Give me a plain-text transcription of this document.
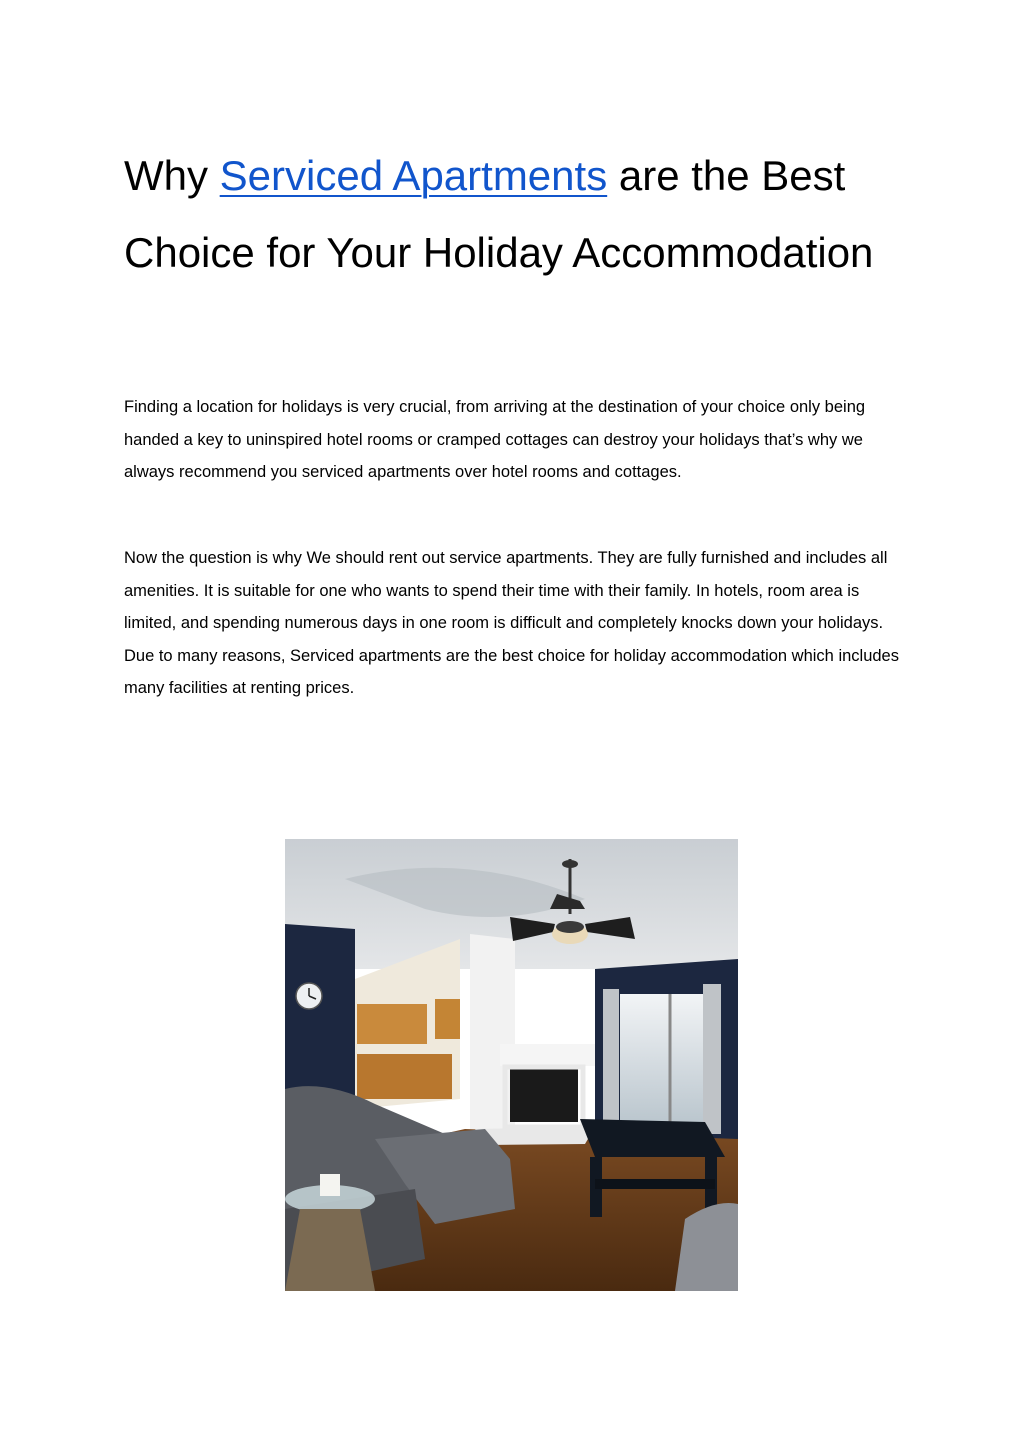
Why Serviced Apartments are the Best Choice for Your Holiday Accommodation

Finding a location for holidays is very crucial, from arriving at the destination of your choice only being handed a key to uninspired hotel rooms or cramped cottages can destroy your holidays that’s why we always recommend you serviced apartments over hotel rooms and cottages.

Now the question is why We should rent out service apartments. They are fully furnished and includes all amenities. It is suitable for one who wants to spend their time with their family. In hotels, room area is limited, and spending numerous days in one room is difficult and completely knocks down your holidays. Due to many reasons, Serviced apartments are the best choice for holiday accommodation which includes many facilities at renting prices.
